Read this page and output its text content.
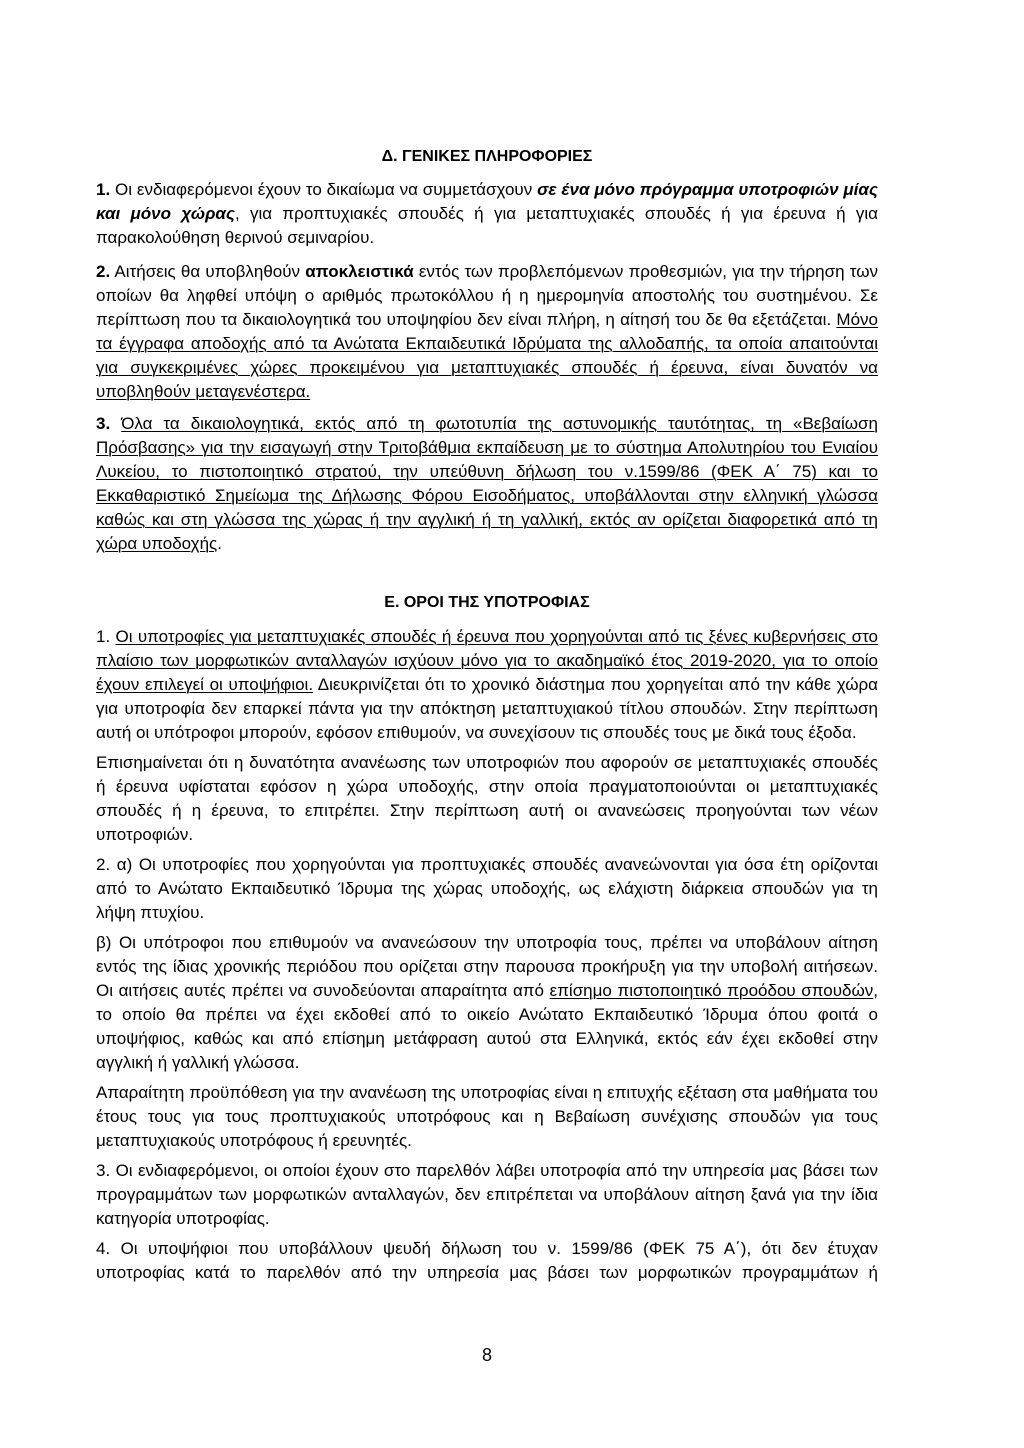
Δ. ΓΕΝΙΚΕΣ ΠΛΗΡΟΦΟΡΙΕΣ

1. Οι ενδιαφερόμενοι έχουν το δικαίωμα να συμμετάσχουν σε ένα μόνο πρόγραμμα υποτροφιών μίας και μόνο χώρας, για προπτυχιακές σπουδές ή για μεταπτυχιακές σπουδές ή για έρευνα ή για παρακολούθηση θερινού σεμιναρίου.

2. Αιτήσεις θα υποβληθούν αποκλειστικά εντός των προβλεπόμενων προθεσμιών, για την τήρηση των οποίων θα ληφθεί υπόψη ο αριθμός πρωτοκόλλου ή η ημερομηνία αποστολής του συστημένου. Σε περίπτωση που τα δικαιολογητικά του υποψηφίου δεν είναι πλήρη, η αίτησή του δε θα εξετάζεται. Μόνο τα έγγραφα αποδοχής από τα Ανώτατα Εκπαιδευτικά Ιδρύματα της αλλοδαπής, τα οποία απαιτούνται για συγκεκριμένες χώρες προκειμένου για μεταπτυχιακές σπουδές ή έρευνα, είναι δυνατόν να υποβληθούν μεταγενέστερα.

3. Όλα τα δικαιολογητικά, εκτός από τη φωτοτυπία της αστυνομικής ταυτότητας, τη «Βεβαίωση Πρόσβασης» για την εισαγωγή στην Τριτοβάθμια εκπαίδευση με το σύστημα Απολυτηρίου του Ενιαίου Λυκείου, το πιστοποιητικό στρατού, την υπεύθυνη δήλωση του ν.1599/86 (ΦΕΚ Α΄ 75) και το Εκκαθαριστικό Σημείωμα της Δήλωσης Φόρου Εισοδήματος, υποβάλλονται στην ελληνική γλώσσα καθώς και στη γλώσσα της χώρας ή την αγγλική ή τη γαλλική, εκτός αν ορίζεται διαφορετικά από τη χώρα υποδοχής.

Ε. ΟΡΟΙ ΤΗΣ ΥΠΟΤΡΟΦΙΑΣ

1. Οι υποτροφίες για μεταπτυχιακές σπουδές ή έρευνα που χορηγούνται από τις ξένες κυβερνήσεις στο πλαίσιο των μορφωτικών ανταλλαγών ισχύουν μόνο για το ακαδημαϊκό έτος 2019-2020, για το οποίο έχουν επιλεγεί οι υποψήφιοι. Διευκρινίζεται ότι το χρονικό διάστημα που χορηγείται από την κάθε χώρα για υποτροφία δεν επαρκεί πάντα για την απόκτηση μεταπτυχιακού τίτλου σπουδών. Στην περίπτωση αυτή οι υπότροφοι μπορούν, εφόσον επιθυμούν, να συνεχίσουν τις σπουδές τους με δικά τους έξοδα.

Επισημαίνεται ότι η δυνατότητα ανανέωσης των υποτροφιών που αφορούν σε μεταπτυχιακές σπουδές ή έρευνα υφίσταται εφόσον η χώρα υποδοχής, στην οποία πραγματοποιούνται οι μεταπτυχιακές σπουδές ή η έρευνα, το επιτρέπει. Στην περίπτωση αυτή οι ανανεώσεις προηγούνται των νέων υποτροφιών.

2. α) Οι υποτροφίες που χορηγούνται για προπτυχιακές σπουδές ανανεώνονται για όσα έτη ορίζονται από το Ανώτατο Εκπαιδευτικό Ίδρυμα της χώρας υποδοχής, ως ελάχιστη διάρκεια σπουδών για τη λήψη πτυχίου.

β) Οι υπότροφοι που επιθυμούν να ανανεώσουν την υποτροφία τους, πρέπει να υποβάλουν αίτηση εντός της ίδιας χρονικής περιόδου που ορίζεται στην παρουσα προκήρυξη για την υποβολή αιτήσεων. Οι αιτήσεις αυτές πρέπει να συνοδεύονται απαραίτητα από επίσημο πιστοποιητικό προόδου σπουδών, το οποίο θα πρέπει να έχει εκδοθεί από το οικείο Ανώτατο Εκπαιδευτικό Ίδρυμα όπου φοιτά ο υποψήφιος, καθώς και από επίσημη μετάφραση αυτού στα Ελληνικά, εκτός εάν έχει εκδοθεί στην αγγλική ή γαλλική γλώσσα.

Απαραίτητη προϋπόθεση για την ανανέωση της υποτροφίας είναι η επιτυχής εξέταση στα μαθήματα του έτους τους για τους προπτυχιακούς υποτρόφους και η Βεβαίωση συνέχισης σπουδών για τους μεταπτυχιακούς υποτρόφους ή ερευνητές.

3. Οι ενδιαφερόμενοι, οι οποίοι έχουν στο παρελθόν λάβει υποτροφία από την υπηρεσία μας βάσει των προγραμμάτων των μορφωτικών ανταλλαγών, δεν επιτρέπεται να υποβάλουν αίτηση ξανά για την ίδια κατηγορία υποτροφίας.

4. Οι υποψήφιοι που υποβάλλουν ψευδή δήλωση του ν. 1599/86 (ΦΕΚ 75 Α΄), ότι δεν έτυχαν υποτροφίας κατά το παρελθόν από την υπηρεσία μας βάσει των μορφωτικών προγραμμάτων ή

8
